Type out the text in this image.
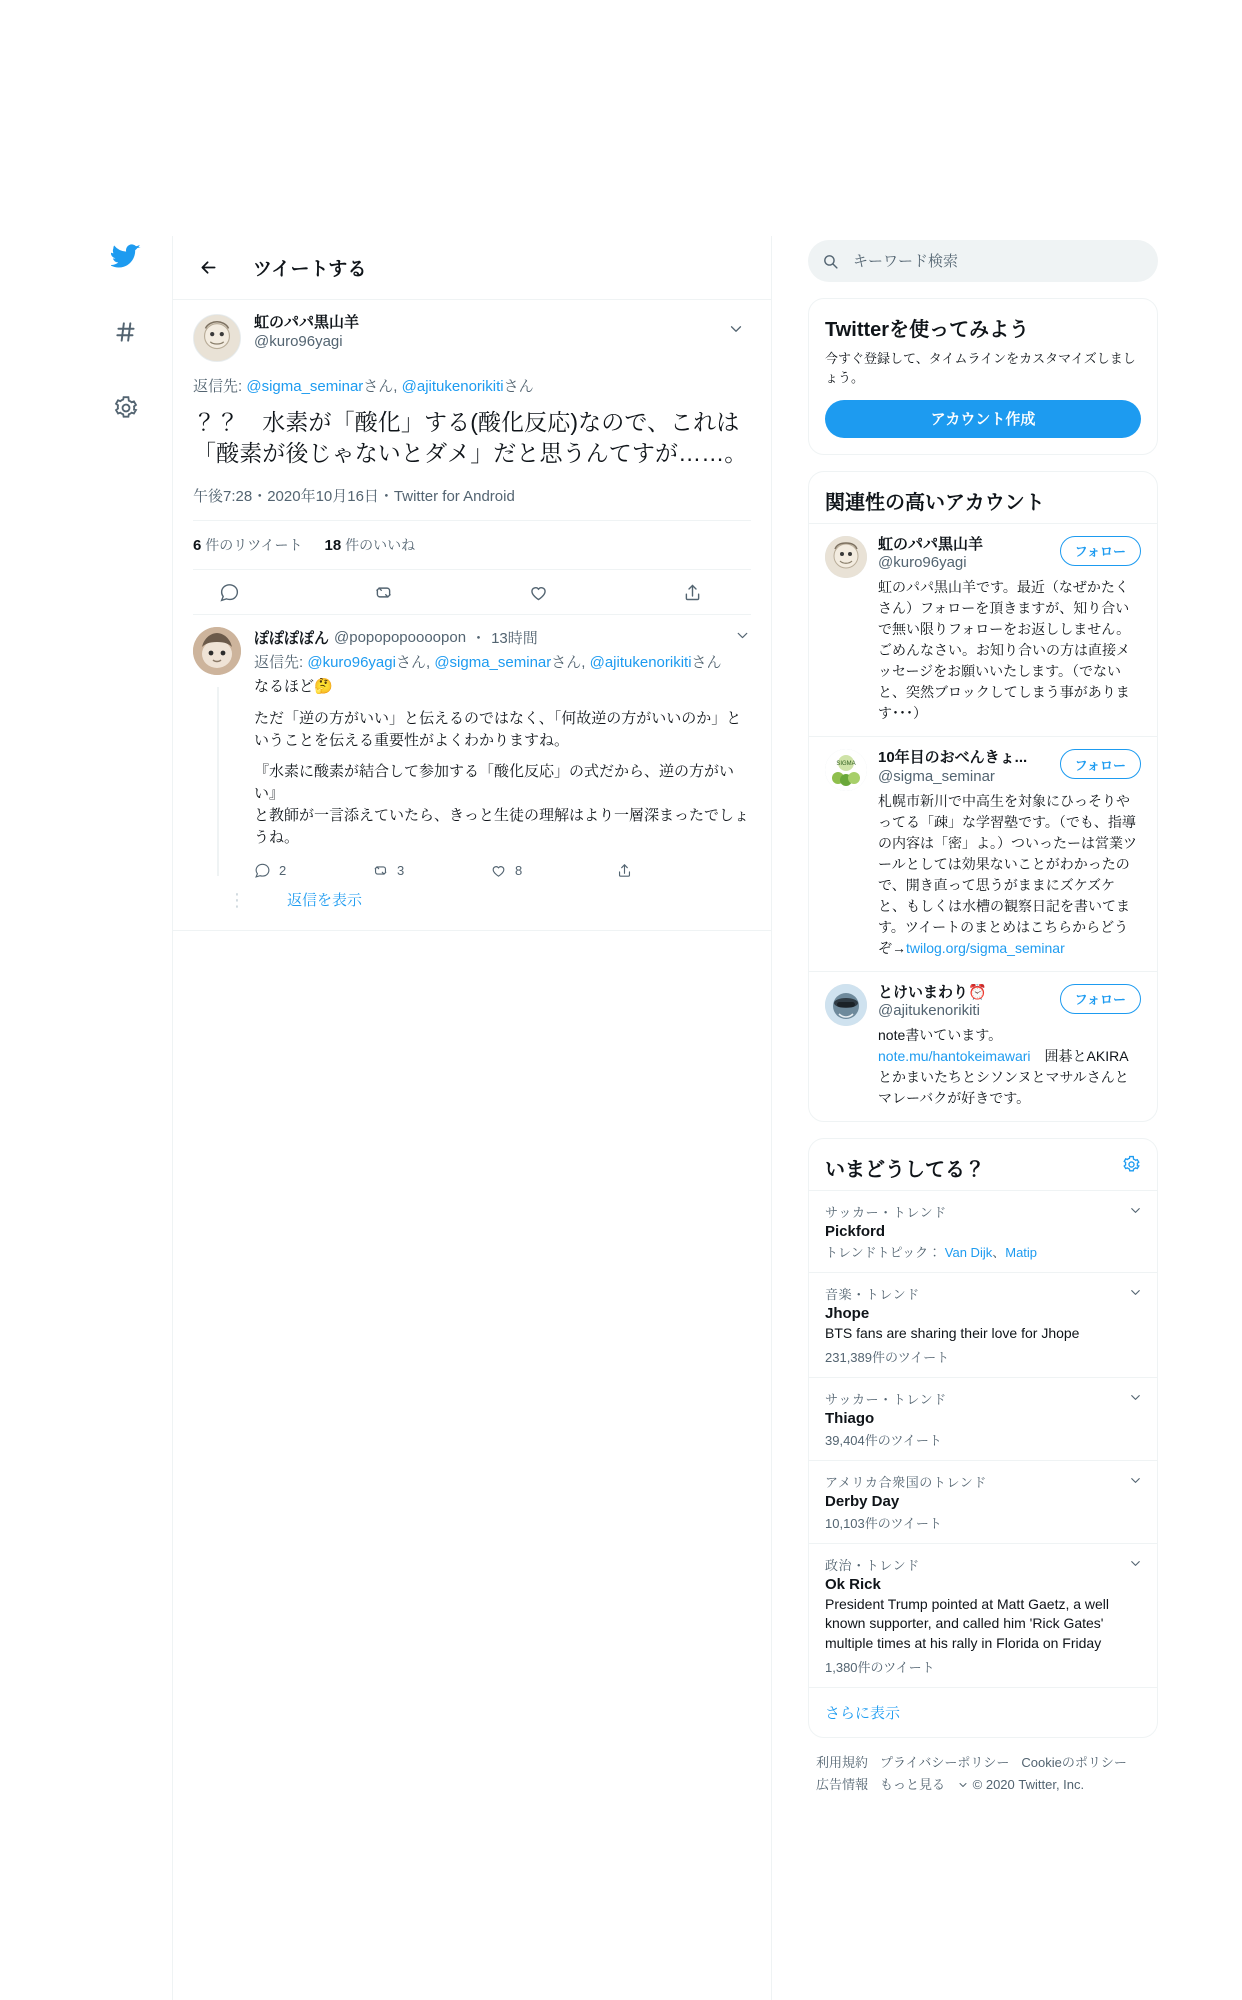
ツイートする
虹のパパ黒山羊
@kuro96yagi
返信先: @sigma_seminarさん, @ajitukenorikitiさん
？？　水素が「酸化」する(酸化反応)なので、これは「酸素が後じゃないとダメ」だと思うんてすが……。
午後7:28・2020年10月16日・Twitter for Android
6 件のリツイート 18 件のいいね
ぽぽぽぽん @popopopoooopon ・ 13時間
返信先: @kuro96yagiさん, @sigma_seminarさん, @ajitukenorikitiさん

なるほど🤔

ただ「逆の方がいい」と伝えるのではなく、「何故逆の方がいいのか」ということを伝える重要性がよくわかりますね。

『水素に酸素が結合して参加する「酸化反応」の式だから、逆の方がいい』

と教師が一言添えていたら、きっと生徒の理解はより一層深まったでしょうね。

2	3	8
⋮	返信を表示
キーワード検索
Twitterを使ってみよう
今すぐ登録して、タイムラインをカスタマイズしましょう。
アカウント作成
関連性の高いアカウント
虹のパパ黒山羊
@kuro96yagi
フォロー
虹のパパ黒山羊です。最近（なぜかたくさん）フォローを頂きますが、知り合いで無い限りフォローをお返ししません。ごめんなさい。お知り合いの方は直接メッセージをお願いいたします。（でないと、突然ブロックしてしまう事があります･･･）
SIGMA 10年目のおべんきょ...
@sigma_seminar
フォロー
札幌市新川で中高生を対象にひっそりやってる「疎」な学習塾です。（でも、指導の内容は「密」よ。）ついったーは営業ツールとしては効果ないことがわかったので、開き直って思うがままにズケズケと、もしくは水槽の観察日記を書いてます。ツイートのまとめはこちらからどうぞ→twilog.org/sigma_seminar
とけいまわり⏰
@ajitukenorikiti
フォロー
note書いています。
note.mu/hantokeimawari　囲碁とAKIRAとかまいたちとシソンヌとマサルさんとマレーバクが好きです。
いまどうしてる？
サッカー・トレンド
Pickford
トレンドトピック： Van Dijk、Matip
音楽・トレンド
Jhope
BTS fans are sharing their love for Jhope
231,389件のツイート
サッカー・トレンド
Thiago
39,404件のツイート
アメリカ合衆国のトレンド
Derby Day
10,103件のツイート
政治・トレンド
Ok Rick
President Trump pointed at Matt Gaetz, a well known supporter, and called him 'Rick Gates' multiple times at his rally in Florida on Friday
1,380件のツイート
さらに表示
利用規約 プライバシーポリシー Cookieのポリシー
広告情報 もっと見る © 2020 Twitter, Inc.
